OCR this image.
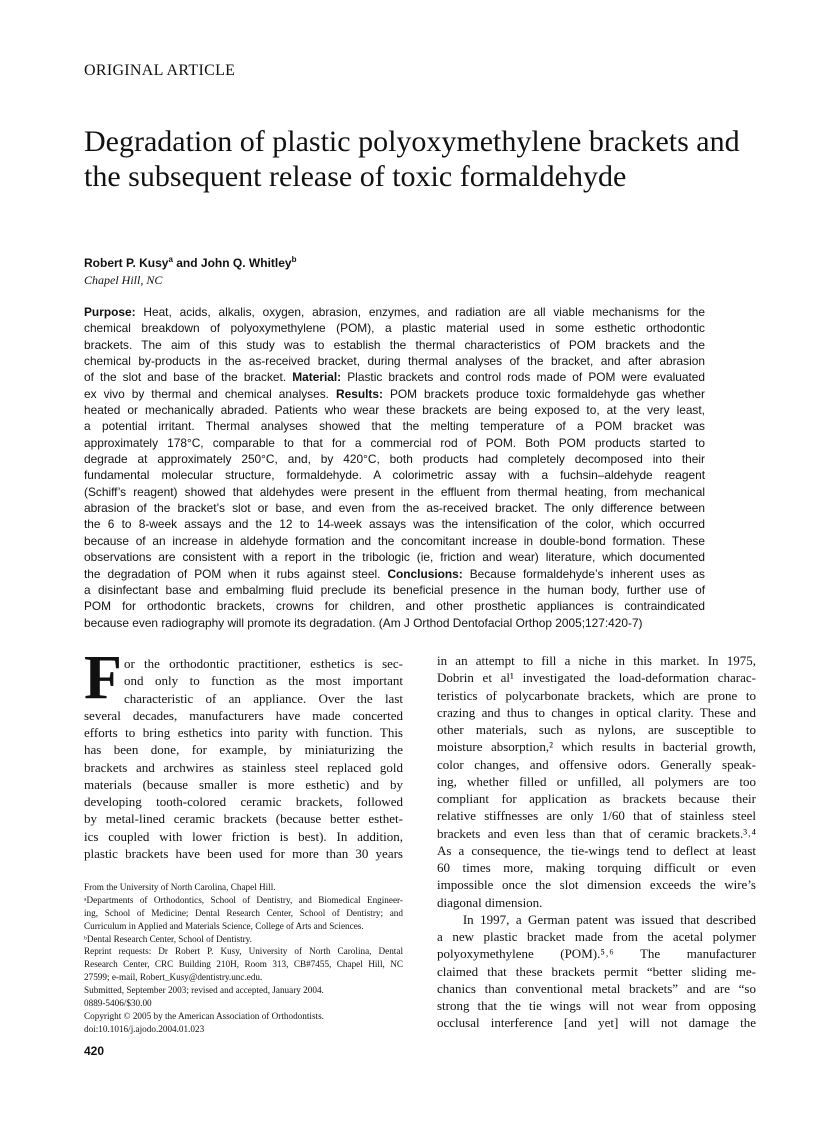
ORIGINAL ARTICLE
Degradation of plastic polyoxymethylene brackets and the subsequent release of toxic formaldehyde
Robert P. Kusy$^a$ and John Q. Whitley$^b$
Chapel Hill, NC
Purpose: Heat, acids, alkalis, oxygen, abrasion, enzymes, and radiation are all viable mechanisms for the
chemical breakdown of polyoxymethylene (POM), a plastic material used in some esthetic orthodontic
brackets. The aim of this study was to establish the thermal characteristics of POM brackets and the
chemical by-products in the as-received bracket, during thermal analyses of the bracket, and after abrasion
of the slot and base of the bracket. Material: Plastic brackets and control rods made of POM were evaluated
ex vivo by thermal and chemical analyses. Results: POM brackets produce toxic formaldehyde gas whether
heated or mechanically abraded. Patients who wear these brackets are being exposed to, at the very least,
a potential irritant. Thermal analyses showed that the melting temperature of a POM bracket was
approximately 178°C, comparable to that for a commercial rod of POM. Both POM products started to
degrade at approximately 250°C, and, by 420°C, both products had completely decomposed into their
fundamental molecular structure, formaldehyde. A colorimetric assay with a fuchsin–aldehyde reagent
(Schiff’s reagent) showed that aldehydes were present in the effluent from thermal heating, from mechanical
abrasion of the bracket’s slot or base, and even from the as-received bracket. The only difference between
the 6 to 8-week assays and the 12 to 14-week assays was the intensification of the color, which occurred
because of an increase in aldehyde formation and the concomitant increase in double-bond formation. These
observations are consistent with a report in the tribologic (ie, friction and wear) literature, which documented
the degradation of POM when it rubs against steel. Conclusions: Because formaldehyde’s inherent uses as
a disinfectant base and embalming fluid preclude its beneficial presence in the human body, further use of
POM for orthodontic brackets, crowns for children, and other prosthetic appliances is contraindicated
because even radiography will promote its degradation. (Am J Orthod Dentofacial Orthop 2005;127:420-7)
F or the orthodontic practitioner, esthetics is sec-
ond only to function as the most important
characteristic of an appliance. Over the last
several decades, manufacturers have made concerted
efforts to bring esthetics into parity with function. This
has been done, for example, by miniaturizing the
brackets and archwires as stainless steel replaced gold
materials (because smaller is more esthetic) and by
developing tooth-colored ceramic brackets, followed
by metal-lined ceramic brackets (because better esthet-
ics coupled with lower friction is best). In addition,
plastic brackets have been used for more than 30 years
in an attempt to fill a niche in this market. In 1975,
Dobrin et al¹ investigated the load-deformation charac-
teristics of polycarbonate brackets, which are prone to
crazing and thus to changes in optical clarity. These and
other materials, such as nylons, are susceptible to
moisture absorption,² which results in bacterial growth,
color changes, and offensive odors. Generally speak-
ing, whether filled or unfilled, all polymers are too
compliant for application as brackets because their
relative stiffnesses are only 1/60 that of stainless steel
brackets and even less than that of ceramic brackets.³˒⁴
As a consequence, the tie-wings tend to deflect at least
60 times more, making torquing difficult or even
impossible once the slot dimension exceeds the wire’s
diagonal dimension.
In 1997, a German patent was issued that described
a new plastic bracket made from the acetal polymer
polyoxymethylene (POM).⁵˒⁶ The manufacturer
claimed that these brackets permit “better sliding me-
chanics than conventional metal brackets” and are “so
strong that the tie wings will not wear from opposing
occlusal interference [and yet] will not damage the
From the University of North Carolina, Chapel Hill.
ᵃDepartments of Orthodontics, School of Dentistry, and Biomedical Engineer-
ing, School of Medicine; Dental Research Center, School of Dentistry; and
Curriculum in Applied and Materials Science, College of Arts and Sciences.
ᵇDental Research Center, School of Dentistry.
Reprint requests: Dr Robert P. Kusy, University of North Carolina, Dental
Research Center, CRC Building 210H, Room 313, CB#7455, Chapel Hill, NC
27599; e-mail, Robert_Kusy@dentistry.unc.edu.
Submitted, September 2003; revised and accepted, January 2004.
0889-5406/$30.00
Copyright © 2005 by the American Association of Orthodontists.
doi:10.1016/j.ajodo.2004.01.023
420
